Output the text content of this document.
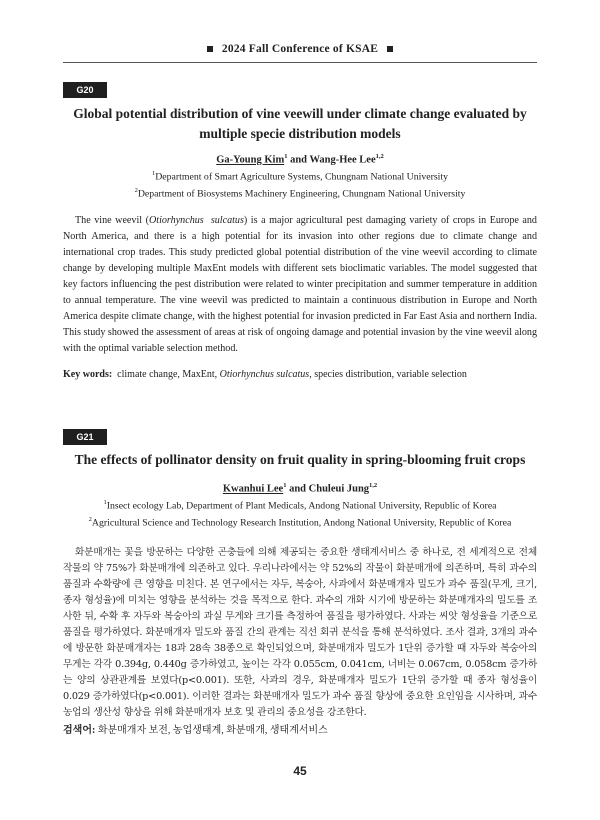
2024 Fall Conference of KSAE
G20
Global potential distribution of vine veewill under climate change evaluated by
multiple specie distribution models
Ga-Young Kim$^1$ and Wang-Hee Lee$^{1,2}$
$^1$Department of Smart Agriculture Systems, Chungnam National University
$^2$Department of Biosystems Machinery Engineering, Chungnam National University
The vine weevil (Otiorhynchus  sulcatus) is a major agricultural pest damaging variety of crops in Europe and North America, and there is a high potential for its invasion into other regions due to climate change and international crop trades. This study predicted global potential distribution of the vine weevil according to climate change by developing multiple MaxEnt models with different sets bioclimatic variables. The model suggested that key factors influencing the pest distribution were related to winter precipitation and summer temperature in addition to annual temperature. The vine weevil was predicted to maintain a continuous distribution in Europe and North America despite climate change, with the highest potential for invasion predicted in Far East Asia and northern India. This study showed the assessment of areas at risk of ongoing damage and potential invasion by the vine weevil along with the optimal variable selection method.
Key words:  climate change, MaxEnt, Otiorhynchus sulcatus, species distribution, variable selection
G21
The effects of pollinator density on fruit quality in spring-blooming fruit crops
Kwanhui Lee$^1$ and Chuleui Jung$^{1,2}$
$^1$Insect ecology Lab, Department of Plant Medicals, Andong National University, Republic of Korea
$^2$Agricultural Science and Technology Research Institution, Andong National University, Republic of Korea
화분매개는 꽃을 방문하는 다양한 곤충들에 의해 제공되는 중요한 생태계서비스 중 하나로, 전 세계적으로 전체 작물의 약 75%가 화분매개에 의존하고 있다. 우리나라에서는 약 52%의 작물이 화분매개에 의존하며, 특히 과수의 품질과 수확량에 큰 영향을 미친다. 본 연구에서는 자두, 복숭아, 사과에서 화분매개자 밀도가 과수 품질(무게, 크기, 종자 형성율)에 미치는 영향을 분석하는 것을 목적으로 한다. 과수의 개화 시기에 방문하는 화분매개자의 밀도를 조사한 뒤, 수확 후 자두와 복숭아의 과실 무게와 크기를 측정하여 품질을 평가하였다. 사과는 씨앗 형성율을 기준으로 품질을 평가하였다. 화분매개자 밀도와 품질 간의 관계는 직선 회귀 분석을 통해 분석하였다. 조사 결과, 3개의 과수에 방문한 화분매개자는 18과 28속 38종으로 확인되었으며, 화분매개자 밀도가 1단위 증가할 때 자두와 복숭아의 무게는 각각 0.394g, 0.440g 증가하였고, 높이는 각각 0.055cm, 0.041cm, 너비는 0.067cm, 0.058cm 증가하는 양의 상관관계를 보였다(p<0.001). 또한, 사과의 경우, 화분매개자 밀도가 1단위 증가할 때 종자 형성율이 0.029 증가하였다(p<0.001). 이러한 결과는 화분매개자 밀도가 과수 품질 향상에 중요한 요인임을 시사하며, 과수 농업의 생산성 향상을 위해 화분매개자 보호 및 관리의 중요성을 강조한다.
검색어: 화분매개자 보전, 농업생태계, 화분매개, 생태계서비스
45
